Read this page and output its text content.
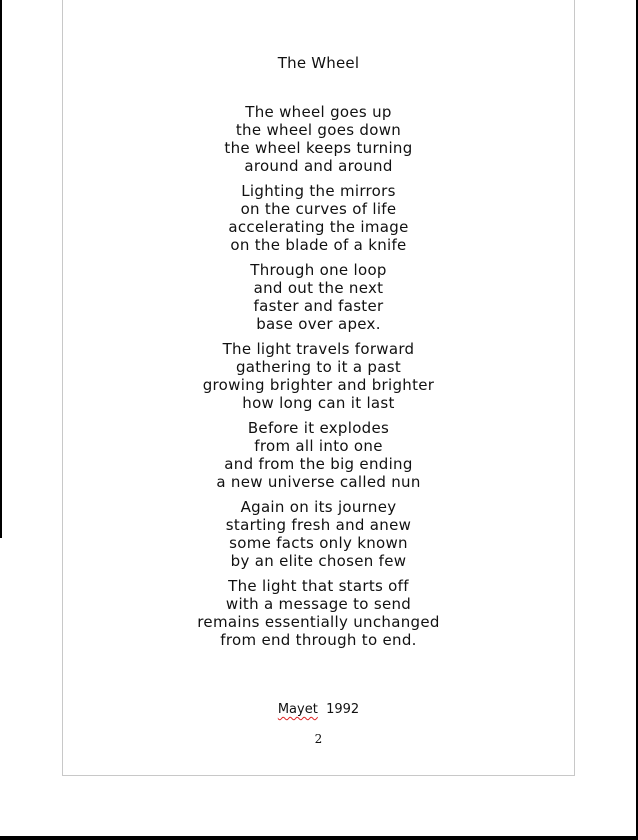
The Wheel
The wheel goes up
the wheel goes down
the wheel keeps turning
around and around
Lighting the mirrors
on the curves of life
accelerating the image
on the blade of a knife
Through one loop
and out the next
faster and faster
base over apex.
The light travels forward
gathering to it a past
growing brighter and brighter
how long can it last
Before it explodes
from all into one
and from the big ending
a new universe called nun
Again on its journey
starting fresh and anew
some facts only known
by an elite chosen few
The light that starts off
with a message to send
remains essentially unchanged
from end through to end.
Mayet 1992
2
